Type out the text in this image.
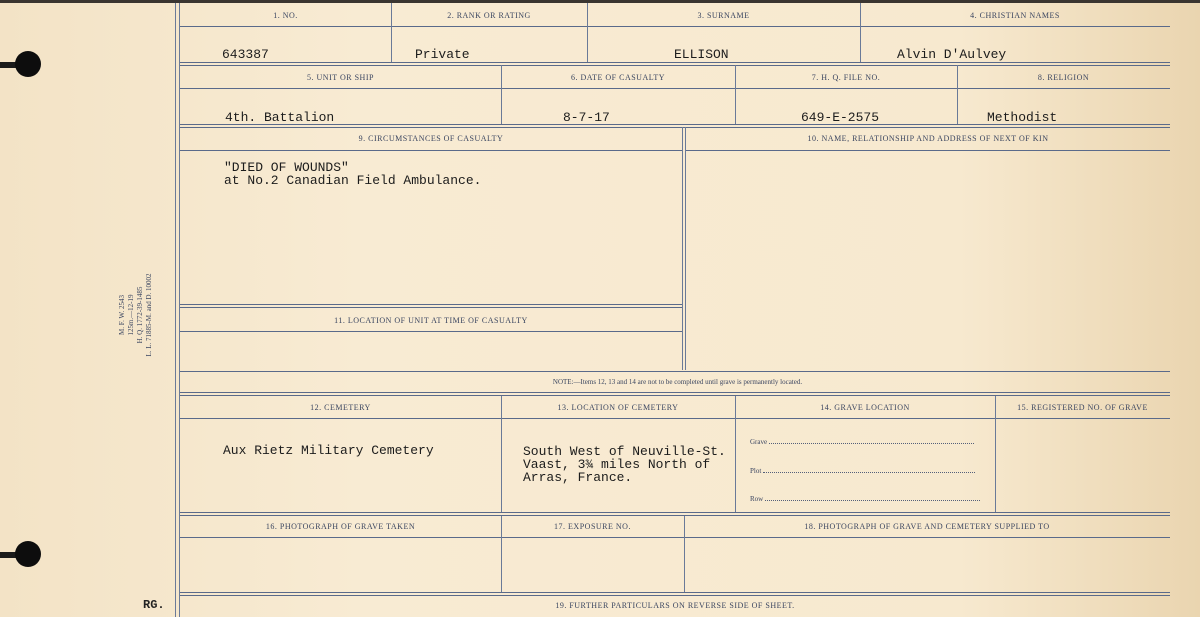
M. F. W. 2543 125m.—12-19 H. Q. 1772-39-1485 L. L. 71885-M. and D. 10002
1. NO.	2. RANK OR RATING	3. SURNAME	4. CHRISTIAN NAMES
643387	Private	ELLISON	Alvin D'Aulvey
5. UNIT OR SHIP	6. DATE OF CASUALTY	7. H. Q. FILE NO.	8. RELIGION
4th. Battalion	8-7-17	649-E-2575	Methodist
9. CIRCUMSTANCES OF CASUALTY	10. NAME, RELATIONSHIP AND ADDRESS OF NEXT OF KIN
"DIED OF WOUNDS"
at No.2 Canadian Field Ambulance.
11. LOCATION OF UNIT AT TIME OF CASUALTY
NOTE:—Items 12, 13 and 14 are not to be completed until grave is permanently located.
12. CEMETERY	13. LOCATION OF CEMETERY	14. GRAVE LOCATION	15. REGISTERED NO. OF GRAVE
Aux Rietz Military Cemetery	South West of Neuville-St.
Vaast, 3¾ miles North of
Arras, France.
Grave
Plot
Row
16. PHOTOGRAPH OF GRAVE TAKEN	17. EXPOSURE NO.	18. PHOTOGRAPH OF GRAVE AND CEMETERY SUPPLIED TO
19. FURTHER PARTICULARS ON REVERSE SIDE OF SHEET.
RG.
